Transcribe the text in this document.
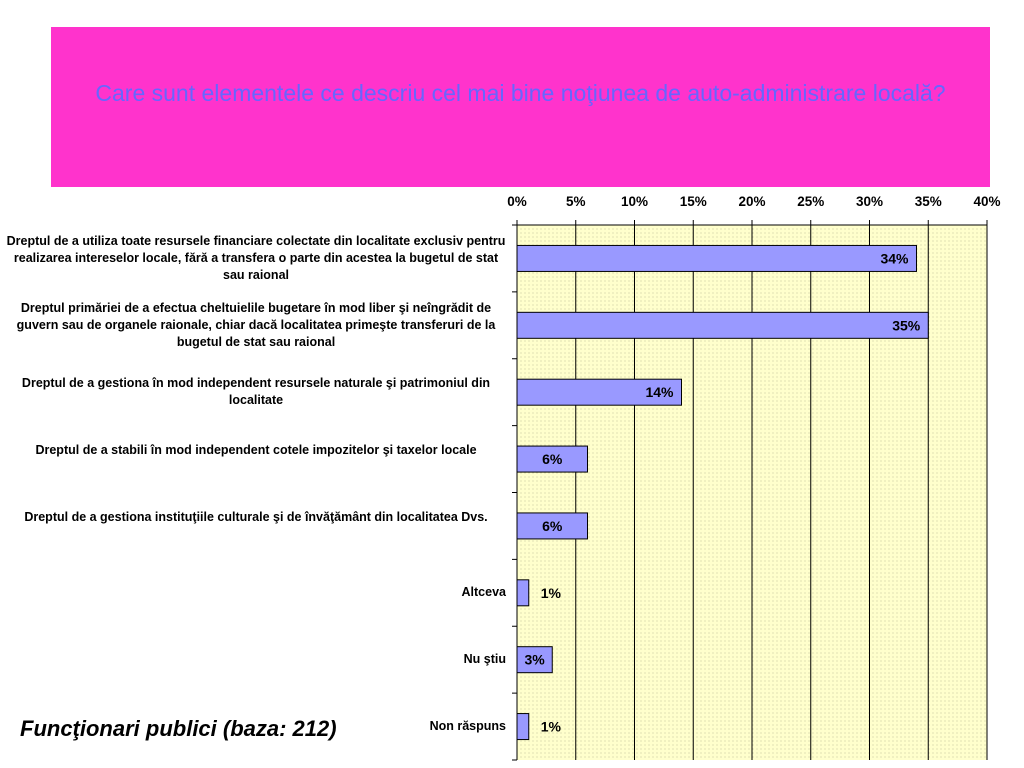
Care sunt elementele ce descriu cel mai bine noţiunea de auto-administrare locală?
0%	5%	10% 15% 20% 25% 30% 35% 40%
34%
35%
14%
6%
6%
1%
3%
1%
Dreptul de a utiliza toate resursele financiare colectate din localitate exclusiv pentru realizarea intereselor locale, fără a transfera o parte din acestea la bugetul de stat sau raional
Dreptul primăriei de a efectua cheltuielile bugetare în mod liber şi neîngrădit de guvern sau de organele raionale, chiar dacă localitatea primeşte transferuri de la bugetul de stat sau raional
Dreptul de a gestiona în mod independent resursele naturale şi patrimoniul din localitate
Dreptul de a stabili în mod independent cotele impozitelor şi taxelor locale
Dreptul de a gestiona instituţiile culturale şi de învăţământ din localitatea Dvs.
Altceva
Nu ştiu
Non răspuns
Funcţionari publici (baza: 212)
